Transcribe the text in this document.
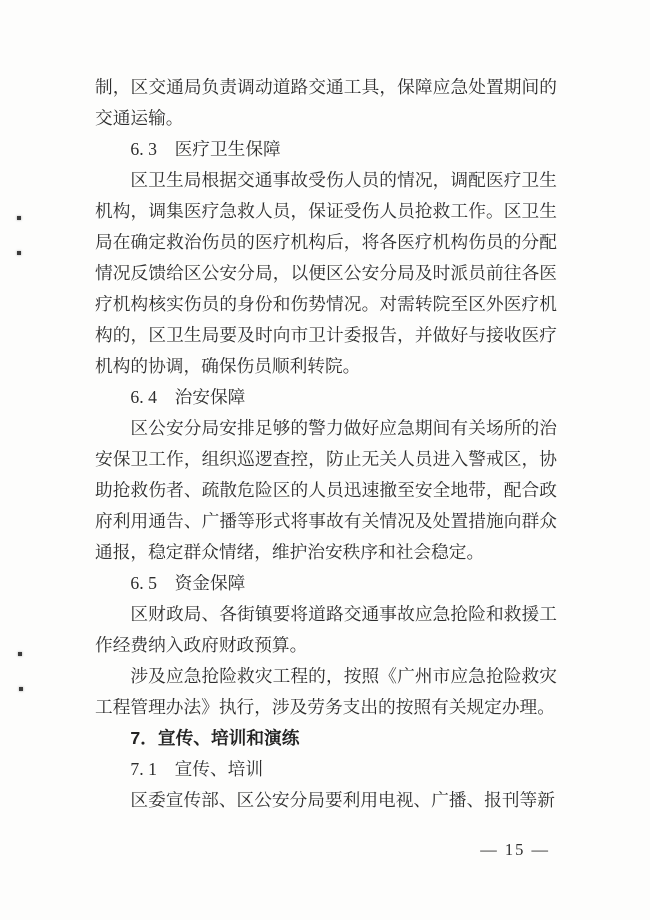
制，区交通局负责调动道路交通工具，保障应急处置期间的交通运输。

6. 3　医疗卫生保障

区卫生局根据交通事故受伤人员的情况，调配医疗卫生机构，调集医疗急救人员，保证受伤人员抢救工作。区卫生局在确定救治伤员的医疗机构后，将各医疗机构伤员的分配情况反馈给区公安分局，以便区公安分局及时派员前往各医疗机构核实伤员的身份和伤势情况。对需转院至区外医疗机构的，区卫生局要及时向市卫计委报告，并做好与接收医疗机构的协调，确保伤员顺利转院。

6. 4　治安保障

区公安分局安排足够的警力做好应急期间有关场所的治安保卫工作，组织巡逻查控，防止无关人员进入警戒区，协助抢救伤者、疏散危险区的人员迅速撤至安全地带，配合政府利用通告、广播等形式将事故有关情况及处置措施向群众通报，稳定群众情绪，维护治安秩序和社会稳定。

6. 5　资金保障

区财政局、各街镇要将道路交通事故应急抢险和救援工作经费纳入政府财政预算。

涉及应急抢险救灾工程的，按照《广州市应急抢险救灾工程管理办法》执行，涉及劳务支出的按照有关规定办理。

7．宣传、培训和演练

7. 1　宣传、培训

区委宣传部、区公安分局要利用电视、广播、报刊等新

— 15 —
